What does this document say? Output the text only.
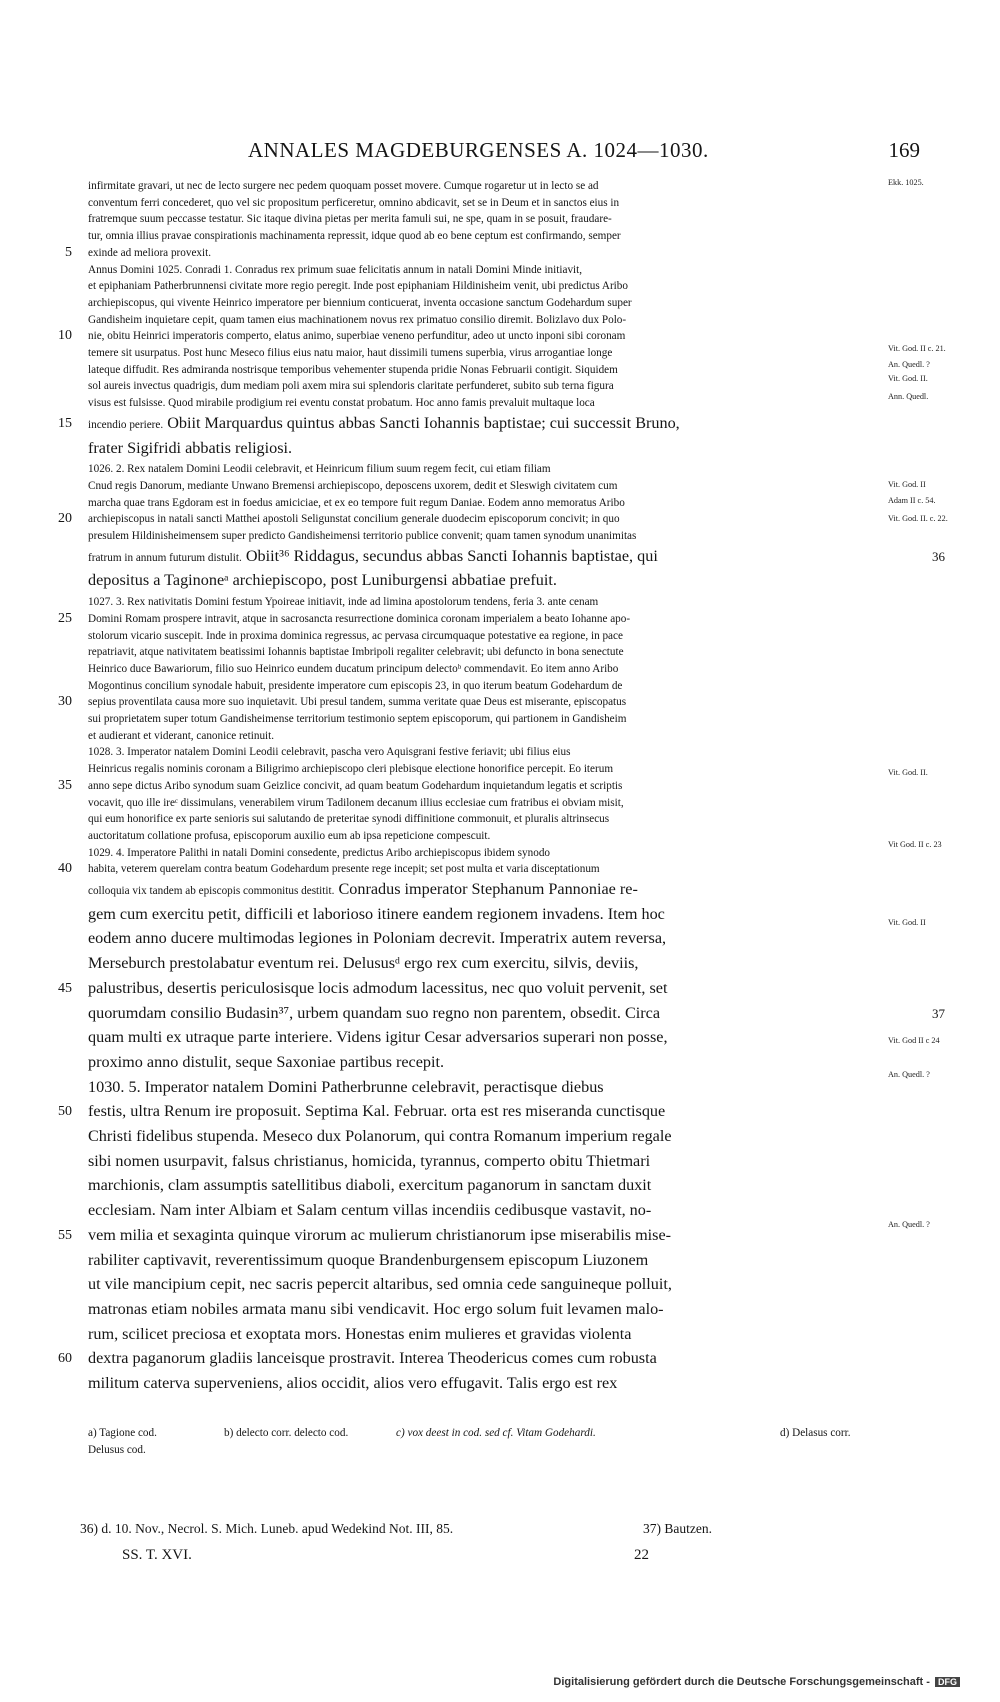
ANNALES MAGDEBURGENSES A. 1024—1030.	169
infirmitate gravari, ut nec de lecto surgere nec pedem quoquam posset movere. Cumque rogaretur ut in lecto se ad
conventum ferri concederet, quo vel sic propositum perficeretur, omnino abdicavit, set se in Deum et in sanctos eius in
fratremque suum peccasse testatur. Sic itaque divina pietas per merita famuli sui, ne spe, quam in se posuit, fraudare-
tur, omnia illius pravae conspirationis machinamenta repressit, idque quod ab eo bene ceptum est confirmando, semper
exinde ad meliora provexit.
5
Annus Domini 1025. Conradi 1. Conradus rex primum suae felicitatis annum in natali Domini Minde initiavit,
et epiphaniam Patherbrunnensi civitate more regio peregit. Inde post epiphaniam Hildinisheim venit, ubi predictus Aribo
archiepiscopus, qui vivente Heinrico imperatore per biennium conticuerat, inventa occasione sanctum Godehardum super
Gandisheim inquietare cepit, quam tamen eius machinationem novus rex primatuo consilio diremit. Bolizlavo dux Polo-
nie, obitu Heinrici imperatoris comperto, elatus animo, superbiae veneno perfunditur, adeo ut uncto inponi sibi coronam
10
temere sit usurpatus. Post hunc Meseco filius eius natu maior, haut dissimili tumens superbia, virus arrogantiae longe
lateque diffudit. Res admiranda nostrisque temporibus vehementer stupenda pridie Nonas Februarii contigit. Siquidem
sol aureis invectus quadrigis, dum mediam poli axem mira sui splendoris claritate perfunderet, subito sub terna figura
visus est fulsisse. Quod mirabile prodigium rei eventu constat probatum. Hoc anno famis prevaluit multaque loca
incendio periere. Obiit Marquardus quintus abbas Sancti Iohannis baptistae; cui successit Bruno,
15
frater Sigifridi abbatis religiosi.
1026. 2. Rex natalem Domini Leodii celebravit, et Heinricum filium suum regem fecit, cui etiam filiam
Cnud regis Danorum, mediante Unwano Bremensi archiepiscopo, deposcens uxorem, dedit et Sleswigh civitatem cum
marcha quae trans Egdoram est in foedus amiciciae, et ex eo tempore fuit regum Daniae. Eodem anno memoratus Aribo
archiepiscopus in natali sancti Matthei apostoli Seligunstat concilium generale duodecim episcoporum concivit; in quo
20
presulem Hildinisheimensem super predicto Gandisheimensi territorio publice convenit; quam tamen synodum unanimitas
fratrum in annum futurum distulit. Obiit³⁶ Riddagus, secundus abbas Sancti Iohannis baptistae, qui	36
depositus a Taginoneᵃ archiepiscopo, post Luniburgensi abbatiae prefuit.
1027. 3. Rex nativitatis Domini festum Ypoireae initiavit, inde ad limina apostolorum tendens, feria 3. ante cenam
Domini Romam prospere intravit, atque in sacrosancta resurrectione dominica coronam imperialem a beato Iohanne apo-
25
stolorum vicario suscepit. Inde in proxima dominica regressus, ac pervasa circumquaque potestative ea regione, in pace
repatriavit, atque nativitatem beatissimi Iohannis baptistae Imbripoli regaliter celebravit; ubi defuncto in bona senectute
Heinrico duce Bawariorum, filio suo Heinrico eundem ducatum principum delectoᵇ commendavit. Eo item anno Aribo
Mogontinus concilium synodale habuit, presidente imperatore cum episcopis 23, in quo iterum beatum Godehardum de
sepius proventilata causa more suo inquietavit. Ubi presul tandem, summa veritate quae Deus est miserante, episcopatus
30
sui proprietatem super totum Gandisheimense territorium testimonio septem episcoporum, qui partionem in Gandisheim
et audierant et viderant, canonice retinuit.
1028. 3. Imperator natalem Domini Leodii celebravit, pascha vero Aquisgrani festive feriavit; ubi filius eius
Heinricus regalis nominis coronam a Biligrimo archiepiscopo cleri plebisque electione honorifice percepit. Eo iterum
anno sepe dictus Aribo synodum suam Geizlice concivit, ad quam beatum Godehardum inquietandum legatis et scriptis
35
vocavit, quo ille ireᶜ dissimulans, venerabilem virum Tadilonem decanum illius ecclesiae cum fratribus ei obviam misit,
qui eum honorifice ex parte senioris sui salutando de preteritae synodi diffinitione commonuit, et pluralis altrinsecus
auctoritatum collatione profusa, episcoporum auxilio eum ab ipsa repeticione compescuit.
1029. 4. Imperatore Palithi in natali Domini consedente, predictus Aribo archiepiscopus ibidem synodo
habita, veterem querelam contra beatum Godehardum presente rege incepit; set post multa et varia disceptationum
40
colloquia vix tandem ab episcopis commonitus destitit. Conradus imperator Stephanum Pannoniae re-
gem cum exercitu petit, difficili et laborioso itinere eandem regionem invadens. Item hoc
eodem anno ducere multimodas legiones in Poloniam decrevit. Imperatrix autem reversa,
Merseburch prestolabatur eventum rei. Delususᵈ ergo rex cum exercitu, silvis, deviis,
palustribus, desertis periculosisque locis admodum lacessitus, nec quo voluit pervenit, set
45
quorumdam consilio Budasin³⁷, urbem quandam suo regno non parentem, obsedit. Circa	37
quam multi ex utraque parte interiere. Videns igitur Cesar adversarios superari non posse,
proximo anno distulit, seque Saxoniae partibus recepit.
1030. 5. Imperator natalem Domini Patherbrunne celebravit, peractisque diebus
festis, ultra Renum ire proposuit. Septima Kal. Februar. orta est res miseranda cunctisque
50
Christi fidelibus stupenda. Meseco dux Polanorum, qui contra Romanum imperium regale
sibi nomen usurpavit, falsus christianus, homicida, tyrannus, comperto obitu Thietmari
marchionis, clam assumptis satellitibus diaboli, exercitum paganorum in sanctam duxit
ecclesiam. Nam inter Albiam et Salam centum villas incendiis cedibusque vastavit, no-
vem milia et sexaginta quinque virorum ac mulierum christianorum ipse miserabilis mise-
55
rabiliter captivavit, reverentissimum quoque Brandenburgensem episcopum Liuzonem
ut vile mancipium cepit, nec sacris pepercit altaribus, sed omnia cede sanguineque polluit,
matronas etiam nobiles armata manu sibi vendicavit. Hoc ergo solum fuit levamen malo-
rum, scilicet preciosa et exoptata mors. Honestas enim mulieres et gravidas violenta
dextra paganorum gladiis lanceisque prostravit. Interea Theodericus comes cum robusta
60
militum caterva superveniens, alios occidit, alios vero effugavit. Talis ergo est rex
Ekk. 1025.
Vit. God. II c. 21.
An. Quedl. ?
Vit. God. II.
Ann. Quedl.
Vit. God. II
Adam II c. 54.
Vit. God. II. c. 22.
Vit. God. II.
Vit God. II c. 23
Vit. God. II
Vit. God II c 24
An. Quedl. ?
An. Quedl. ?
a) Tagione cod.	b) delecto corr. delecto cod.	c) vox deest in cod. sed cf. Vitam Godehardi.	d) Delasus corr.
Delusus cod.
36) d. 10. Nov., Necrol. S. Mich. Luneb. apud Wedekind Not. III, 85.	37) Bautzen.
SS. T. XVI.	22
Digitalisierung gefördert durch die Deutsche Forschungsgemeinschaft - DFG
